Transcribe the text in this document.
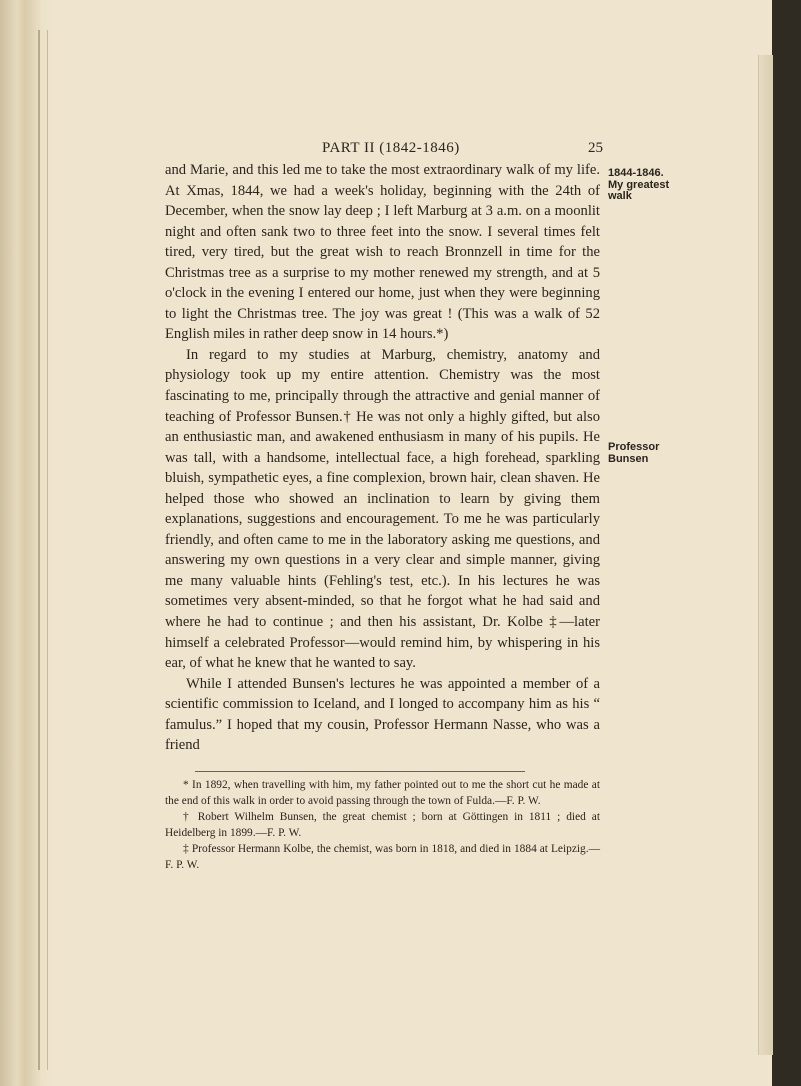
PART II (1842-1846)	25

and Marie, and this led me to take the most extraordinary walk of my life. At Xmas, 1844, we had a week's holiday, beginning with the 24th of December, when the snow lay deep ; I left Marburg at 3 a.m. on a moonlit night and often sank two to three feet into the snow. I several times felt tired, very tired, but the great wish to reach Bronnzell in time for the Christmas tree as a surprise to my mother renewed my strength, and at 5 o'clock in the evening I entered our home, just when they were beginning to light the Christmas tree. The joy was great ! (This was a walk of 52 English miles in rather deep snow in 14 hours.*)

In regard to my studies at Marburg, chemistry, anatomy and physiology took up my entire attention. Chemistry was the most fascinating to me, principally through the attractive and genial manner of teaching of Professor Bunsen.† He was not only a highly gifted, but also an enthusiastic man, and awakened enthusiasm in many of his pupils. He was tall, with a handsome, intellectual face, a high forehead, sparkling bluish, sympathetic eyes, a fine complexion, brown hair, clean shaven. He helped those who showed an inclination to learn by giving them explanations, suggestions and encouragement. To me he was particularly friendly, and often came to me in the laboratory asking me questions, and answering my own questions in a very clear and simple manner, giving me many valuable hints (Fehling's test, etc.). In his lectures he was sometimes very absent-minded, so that he forgot what he had said and where he had to continue ; and then his assistant, Dr. Kolbe ‡—later himself a celebrated Professor—would remind him, by whispering in his ear, of what he knew that he wanted to say.

While I attended Bunsen's lectures he was appointed a member of a scientific commission to Iceland, and I longed to accompany him as his “ famulus.” I hoped that my cousin, Professor Hermann Nasse, who was a friend

1844-1846.
My greatest
walk
Professor
Bunsen

* In 1892, when travelling with him, my father pointed out to me the short cut he made at the end of this walk in order to avoid passing through the town of Fulda.—F. P. W.

† Robert Wilhelm Bunsen, the great chemist ; born at Göttingen in 1811 ; died at Heidelberg in 1899.—F. P. W.

‡ Professor Hermann Kolbe, the chemist, was born in 1818, and died in 1884 at Leipzig.—F. P. W.
